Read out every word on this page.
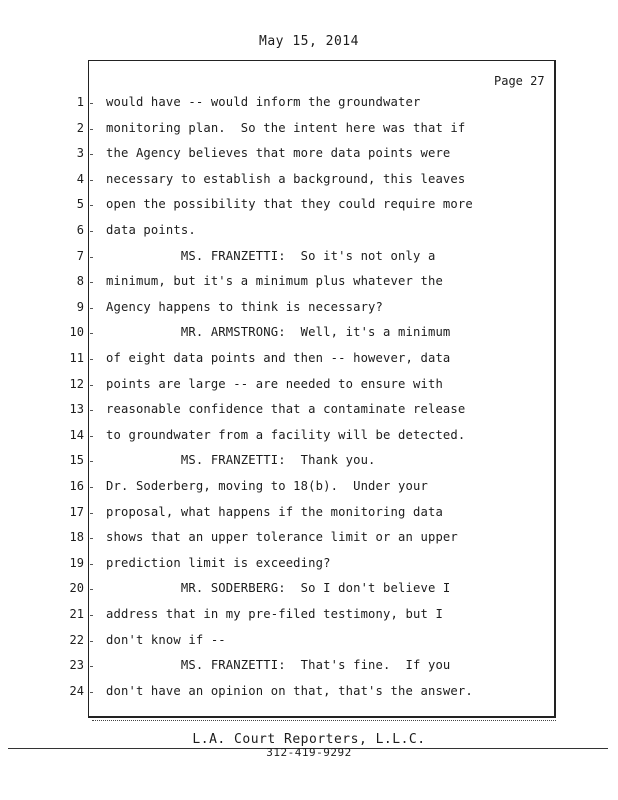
May 15, 2014
Page 27
1 would have -- would inform the groundwater
2 monitoring plan.  So the intent here was that if
3 the Agency believes that more data points were
4 necessary to establish a background, this leaves
5 open the possibility that they could require more
6 data points.
7 MS. FRANZETTI:  So it's not only a
8 minimum, but it's a minimum plus whatever the
9 Agency happens to think is necessary?
10 MR. ARMSTRONG:  Well, it's a minimum
11 of eight data points and then -- however, data
12 points are large -- are needed to ensure with
13 reasonable confidence that a contaminate release
14 to groundwater from a facility will be detected.
15 MS. FRANZETTI:  Thank you.
16 Dr. Soderberg, moving to 18(b).  Under your
17 proposal, what happens if the monitoring data
18 shows that an upper tolerance limit or an upper
19 prediction limit is exceeding?
20 MR. SODERBERG:  So I don't believe I
21 address that in my pre-filed testimony, but I
22 don't know if --
23 MS. FRANZETTI:  That's fine.  If you
24 don't have an opinion on that, that's the answer.
L.A. Court Reporters, L.L.C.
312-419-9292
